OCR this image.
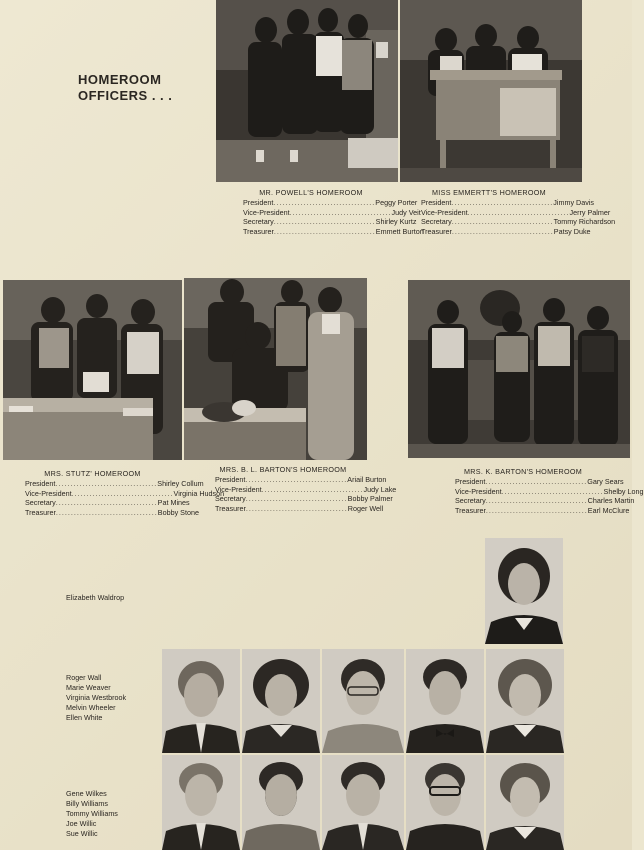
HOMEROOM
OFFICERS . . .
MR. POWELL'S HOMEROOM
President .................................. Peggy Porter
Vice-President .................................. Judy Veit
Secretary .................................. Shirley Kurtz
Treasurer .................................. Emmett Burton
MISS EMMERTT'S HOMEROOM
President .................................. Jimmy Davis
Vice-President .................................. Jerry Palmer
Secretary .................................. Tommy Richardson
Treasurer .................................. Patsy Duke
MRS. STUTZ' HOMEROOM
President .................................. Shirley Collum
Vice-President .................................. Virginia Hudson
Secretary .................................. Pat Mines
Treasurer .................................. Bobby Stone
MRS. B. L. BARTON'S HOMEROOM
President .................................. Ariail Burton
Vice-President .................................. Judy Lake
Secretary .................................. Bobby Palmer
Treasurer .................................. Roger Well
MRS. K. BARTON'S HOMEROOM
President .................................. Gary Sears
Vice-President .................................. Shelby Long
Secretary .................................. Charles Martin
Treasurer .................................. Earl McClure
Elizabeth Waldrop
Roger Wall
Marie Weaver
Virginia Westbrook
Melvin Wheeler
Ellen White
Gene Wilkes
Billy Williams
Tommy Williams
Joe Willic
Sue Willic
